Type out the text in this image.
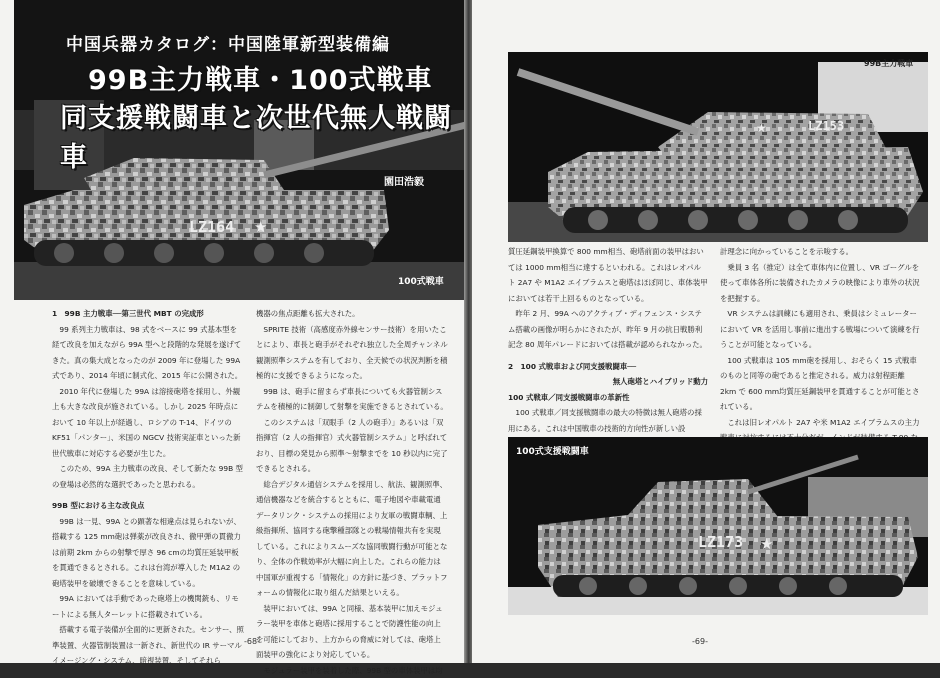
LZ164 ★
中国兵器カタログ：中国陸軍新型装備編
99B主力戦車・100式戦車
同支援戦闘車と次世代無人戦闘車
園田浩毅
100式戦車

1　99B 主力戦車──第三世代 MBT の完成形

99 系列主力戦車は、98 式をベースに 99 式基本型を経て改良を加えながら 99A 型へと段階的な発展を遂げてきた。真の集大成となったのが 2009 年に登場した 99A 式であり、2014 年頃に制式化、2015 年に公開された。

2010 年代に登場した 99A は溶接砲塔を採用し、外観上も大きな改良が施されている。しかし 2025 年時点において 10 年以上が経過し、ロシアの T-14、ドイツの KF51「パンター」、米国の NGCV 技術実証車といった新世代戦車に対応する必要が生じた。

このため、99A 主力戦車の改良、そして新たな 99B 型の登場は必然的な選択であったと思われる。

99B 型における主な改良点

99B は一見、99A との顕著な相違点は見られないが、搭載する 125 mm砲は弾薬が改良され、徹甲弾の貫徹力は前期 2km からの射撃で厚さ 96 cmの均質圧延装甲板を貫通できるとされる。これは台湾が導入した M1A2 の砲塔装甲を破壊できることを意味している。

99A においては手動であった砲塔上の機関銃も、リモートによる無人ターレットに搭載されている。

搭載する電子装備が全面的に更新された。センサー、照準装置、火器管制装置は一新され、新世代の IR サーマルイメージング・システム、暗視装置、そしてそれら

機器の焦点距離も拡大された。

SPRITE 技術（高感度赤外線センサー技術）を用いたことにより、車長と砲手がそれぞれ独立した全周チャンネル観測照準システムを有しており、全天候での状況判断を積極的に支援できるようになった。

99B は、砲手に留まらず車長についても火器管制システムを積極的に制御して射撃を実施できるとされている。

このシステムは「双眼手（2 人の砲手）」あるいは「双指揮官（2 人の指揮官）式火器管制システム」と呼ばれており、目標の発見から照準〜射撃までを 10 秒以内に完了できるとされる。

総合デジタル通信システムを採用し、航法、観測照準、通信機器などを統合するとともに、電子地図や車載電通データリンク・システムの採用により友軍の戦闘車輌、上級指揮所、協同する砲撃種部隊との戦場情報共有を実現している。これによりスムーズな協同戦闘行動が可能となり、全体の作戦効率が大幅に向上した。これらの能力は中国軍が重視する「情報化」の方針に基づき、プラットフォームの情報化に取り組んだ結果といえる。

装甲においては、99A と同様、基本装甲に加えモジュラー装甲を車体と砲塔に採用することで防護性能の向上を可能にしており、上方からの脅威に対しては、砲塔上面装甲の強化により対応している。

モジュラー装甲を装着した際、99B 型の車体装甲は均

-68-
LZ153
★
99B主力戦車

質圧延鋼装甲換算で 800 mm相当、砲塔前面の装甲はおいては 1000 mm相当に達するといわれる。これはレオパルト 2A7 や M1A2 エイブラムスと砲塔はほぼ同じ、車体装甲においては若干上回るものとなっている。

昨年 2 月、99A へのアクティブ・ディフェンス・システム搭載の画像が明らかにされたが、昨年 9 月の抗日戦勝利記念 80 周年パレードにおいては搭載が認められなかった。

2　100 式戦車および同支援戦闘車──

無人砲塔とハイブリッド動力

100 式戦車／同支援戦闘車の革新性

100 式戦車／同支援戦闘車の最大の特徴は無人砲塔の採用にある。これは中国戦車の技術的方向性が新しい設

計理念に向かっていることを示唆する。

乗員 3 名（推定）は全て車体内に位置し、VR ゴーグルを使って車体各所に装備されたカメラの映像により車外の状況を把握する。

VR システムは訓練にも適用され、乗員はシミュレーターにおいて VR を活用し事前に進出する戦場について演練を行うことが可能となっている。

100 式戦車は 105 mm砲を採用し、おそらく 15 式戦車のものと同等の砲であると推定される。威力は射程距離 2km で 600 mm均質圧延鋼装甲を貫通することが可能とされている。

これは旧レオパルト 2A7 や米 M1A2 エイブラムスの主力

LZ173 ★
100式支援戦闘車
-69-
